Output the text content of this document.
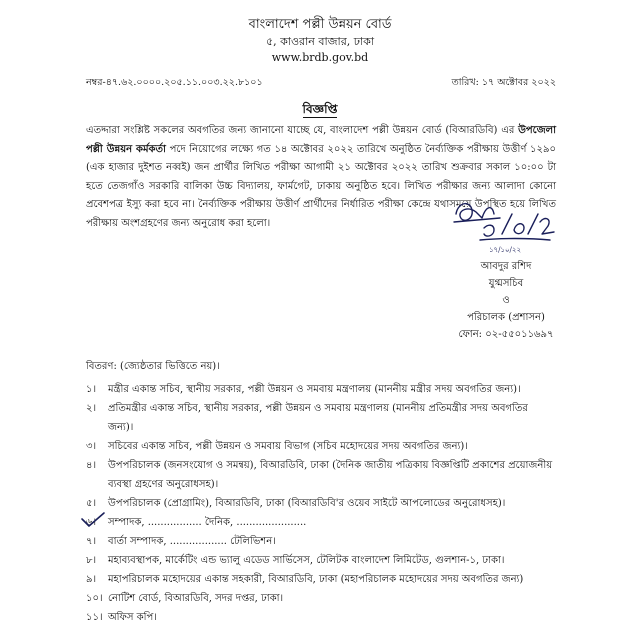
বাংলাদেশ পল্লী উন্নয়ন বোর্ড
৫, কাওরান বাজার, ঢাকা
www.brdb.gov.bd
নম্বর-৪৭.৬২.০০০০.২০৫.১১.০০৩.২২.৮১০১	তারিখ: ১৭ অক্টোবর ২০২২
বিজ্ঞপ্তি
এতদ্দারা সংশ্লিষ্ট সকলের অবগতির জন্য জানানো যাচ্ছে যে, বাংলাদেশ পল্লী উন্নয়ন বোর্ড (বিআরডিবি) এর উপজেলা পল্লী উন্নয়ন কর্মকর্তা পদে নিয়োগের লক্ষ্যে গত ১৪ অক্টোবর ২০২২ তারিখে অনুষ্ঠিত নৈর্ব্যক্তিক পরীক্ষায় উত্তীর্ণ ১২৯০ (এক হাজার দুইশত নব্বই) জন প্রার্থীর লিখিত পরীক্ষা আগামী ২১ অক্টোবর ২০২২ তারিখ শুক্রবার সকাল ১০:০০ টা হতে তেজগাঁও সরকারি বালিকা উচ্চ বিদ্যালয়, ফার্মগেট, ঢাকায় অনুষ্ঠিত হবে। লিখিত পরীক্ষার জন্য আলাদা কোনো প্রবেশপত্র ইস্যু করা হবে না। নৈর্ব্যক্তিক পরীক্ষায় উত্তীর্ণ প্রার্থীদের নির্ধারিত পরীক্ষা কেন্দ্রে যথাসময়ে উপস্থিত হয়ে লিখিত পরীক্ষায় অংশগ্রহণের জন্য অনুরোধ করা হলো।
১৭/১০/২২
আবদুর রশিদ
যুগ্মসচিব
ও
পরিচালক (প্রশাসন)
ফোন: ০২-৫৫০১১৬৯৭
বিতরণ: (জ্যেষ্ঠতার ভিত্তিতে নয়)।
১।	মন্ত্রীর একান্ত সচিব, স্থানীয় সরকার, পল্লী উন্নয়ন ও সমবায় মন্ত্রণালয় (মাননীয় মন্ত্রীর সদয় অবগতির জন্য)।
২।	প্রতিমন্ত্রীর একান্ত সচিব, স্থানীয় সরকার, পল্লী উন্নয়ন ও সমবায় মন্ত্রণালয় (মাননীয় প্রতিমন্ত্রীর সদয় অবগতির জন্য)।
৩।	সচিবের একান্ত সচিব, পল্লী উন্নয়ন ও সমবায় বিভাগ (সচিব মহোদয়ের সদয় অবগতির জন্য)।
৪।	উপপরিচালক (জনসংযোগ ও সমন্বয়), বিআরডিবি, ঢাকা (দৈনিক জাতীয় পত্রিকায় বিজ্ঞপ্তিটি প্রকাশের প্রয়োজনীয় ব্যবস্থা গ্রহণের অনুরোধসহ)।
৫।	উপপরিচালক (প্রোগ্রামিং), বিআরডিবি, ঢাকা (বিআরডিবি'র ওয়েব সাইটে আপলোডের অনুরোধসহ)।
৬।	সম্পাদক, ................. দৈনিক, ......................
৭।	বার্তা সম্পাদক, .................. টেলিভিশন।
৮।	মহাব্যবস্থাপক, মার্কেটিং এন্ড ভ্যালু এডেড সার্ভিসেস, টেলিটক বাংলাদেশ লিমিটেড, গুলশান-১, ঢাকা।
৯।	মহাপরিচালক মহোদয়ের একান্ত সহকারী, বিআরডিবি, ঢাকা (মহাপরিচালক মহোদয়ের সদয় অবগতির জন্য)
১০। নোটিশ বোর্ড, বিআরডিবি, সদর দপ্তর, ঢাকা।
১১। অফিস কপি।
